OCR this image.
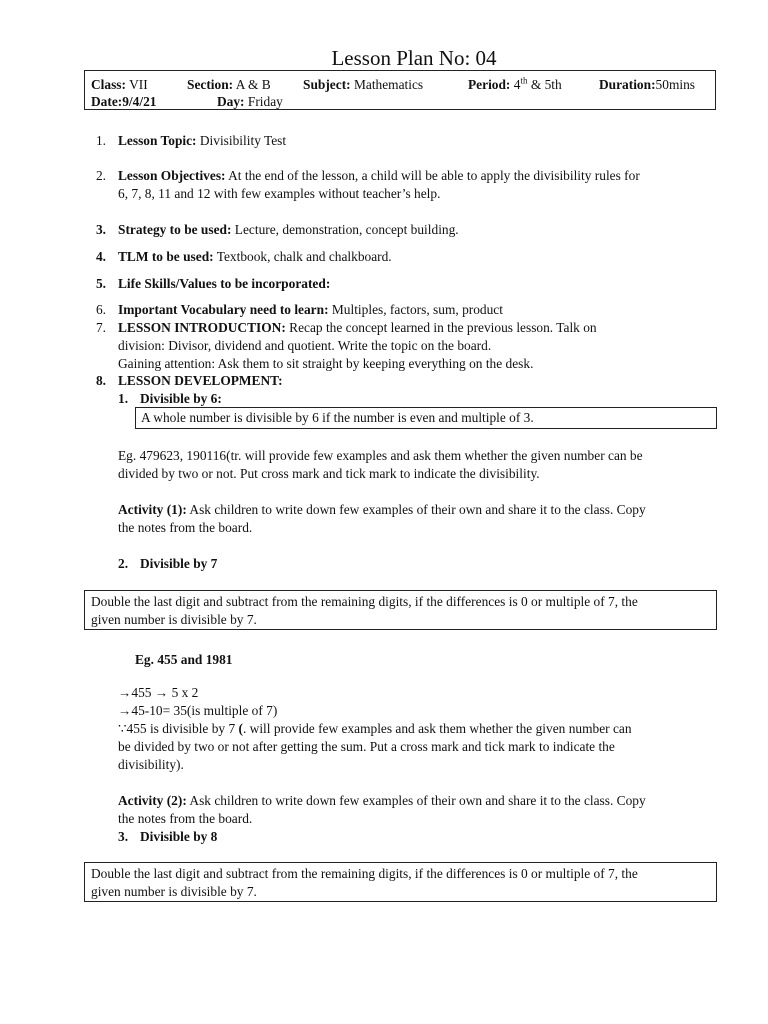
Lesson Plan No: 04
Class: VII	Section: A & B Subject: Mathematics	Period: 4th & 5th	Duration:50mins
Date:9/4/21	Day: Friday
1. Lesson Topic: Divisibility Test
2. Lesson Objectives: At the end of the lesson, a child will be able to apply the divisibility rules for
6, 7, 8, 11 and 12 with few examples without teacher’s help.
3. Strategy to be used: Lecture, demonstration, concept building.
4. TLM to be used: Textbook, chalk and chalkboard.
5. Life Skills/Values to be incorporated:
6. Important Vocabulary need to learn: Multiples, factors, sum, product
7. LESSON INTRODUCTION: Recap the concept learned in the previous lesson. Talk on
division: Divisor, dividend and quotient. Write the topic on the board.
Gaining attention: Ask them to sit straight by keeping everything on the desk.
8. LESSON DEVELOPMENT:
1. Divisible by 6:
A whole number is divisible by 6 if the number is even and multiple of 3.
Eg. 479623, 190116(tr. will provide few examples and ask them whether the given number can be
divided by two or not. Put cross mark and tick mark to indicate the divisibility.
Activity (1): Ask children to write down few examples of their own and share it to the class. Copy
the notes from the board.
2. Divisible by 7
Double the last digit and subtract from the remaining digits, if the differences is 0 or multiple of 7, the
given number is divisible by 7.
Eg. 455 and 1981
→455 → 5 x 2
→45-10= 35(is multiple of 7)
∵455 is divisible by 7 (. will provide few examples and ask them whether the given number can
be divided by two or not after getting the sum. Put a cross mark and tick mark to indicate the
divisibility).
Activity (2): Ask children to write down few examples of their own and share it to the class. Copy
the notes from the board.
3. Divisible by 8
Double the last digit and subtract from the remaining digits, if the differences is 0 or multiple of 7, the
given number is divisible by 7.
